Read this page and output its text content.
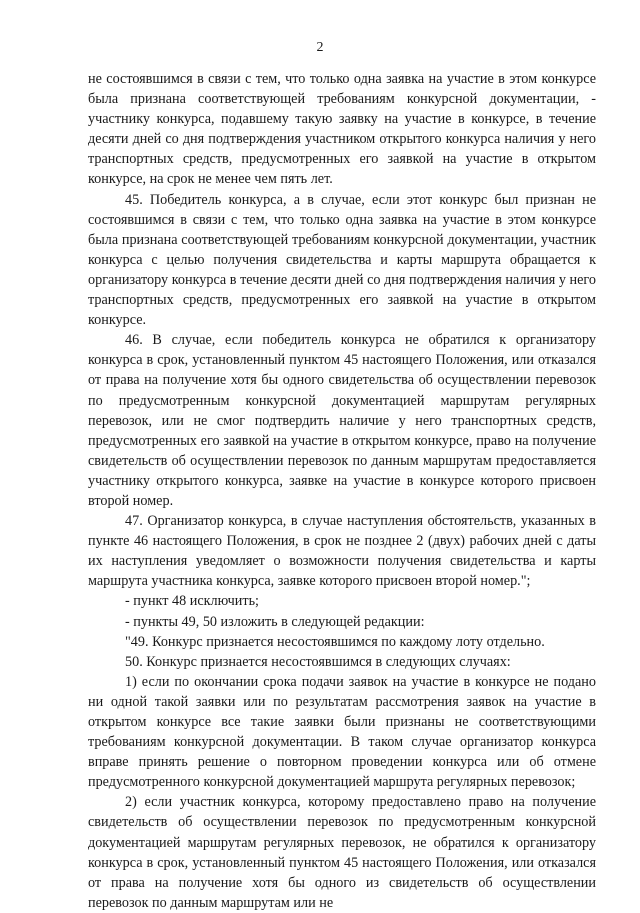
2

не состоявшимся в связи с тем, что только одна заявка на участие в этом конкурсе была признана соответствующей требованиям конкурсной документации, - участнику конкурса, подавшему такую заявку на участие в конкурсе, в течение десяти дней со дня подтверждения участником открытого конкурса наличия у него транспортных средств, предусмотренных его заявкой на участие в открытом конкурсе, на срок не менее чем пять лет.

45. Победитель конкурса, а в случае, если этот конкурс был признан не состоявшимся в связи с тем, что только одна заявка на участие в этом конкурсе была признана соответствующей требованиям конкурсной документации, участник конкурса с целью получения свидетельства и карты маршрута обращается к организатору конкурса в течение десяти дней со дня подтверждения наличия у него транспортных средств, предусмотренных его заявкой на участие в открытом конкурсе.

46. В случае, если победитель конкурса не обратился к организатору конкурса в срок, установленный пунктом 45 настоящего Положения, или отказался от права на получение хотя бы одного свидетельства об осуществлении перевозок по предусмотренным конкурсной документацией маршрутам регулярных перевозок, или не смог подтвердить наличие у него транспортных средств, предусмотренных его заявкой на участие в открытом конкурсе, право на получение свидетельств об осуществлении перевозок по данным маршрутам предоставляется участнику открытого конкурса, заявке на участие в конкурсе которого присвоен второй номер.

47. Организатор конкурса, в случае наступления обстоятельств, указанных в пункте 46 настоящего Положения, в срок не позднее 2 (двух) рабочих дней с даты их наступления уведомляет о возможности получения свидетельства и карты маршрута участника конкурса, заявке которого присвоен второй номер.";

- пункт 48 исключить;

- пункты 49, 50 изложить в следующей редакции:

"49. Конкурс признается несостоявшимся по каждому лоту отдельно.

50. Конкурс признается несостоявшимся в следующих случаях:

1) если по окончании срока подачи заявок на участие в конкурсе не подано ни одной такой заявки или по результатам рассмотрения заявок на участие в открытом конкурсе все такие заявки были признаны не соответствующими требованиям конкурсной документации. В таком случае организатор конкурса вправе принять решение о повторном проведении конкурса или об отмене предусмотренного конкурсной документацией маршрута регулярных перевозок;

2) если участник конкурса, которому предоставлено право на получение свидетельств об осуществлении перевозок по предусмотренным конкурсной документацией маршрутам регулярных перевозок, не обратился к организатору конкурса в срок, установленный пунктом 45 настоящего Положения, или отказался от права на получение хотя бы одного из свидетельств об осуществлении перевозок по данным маршрутам или не
